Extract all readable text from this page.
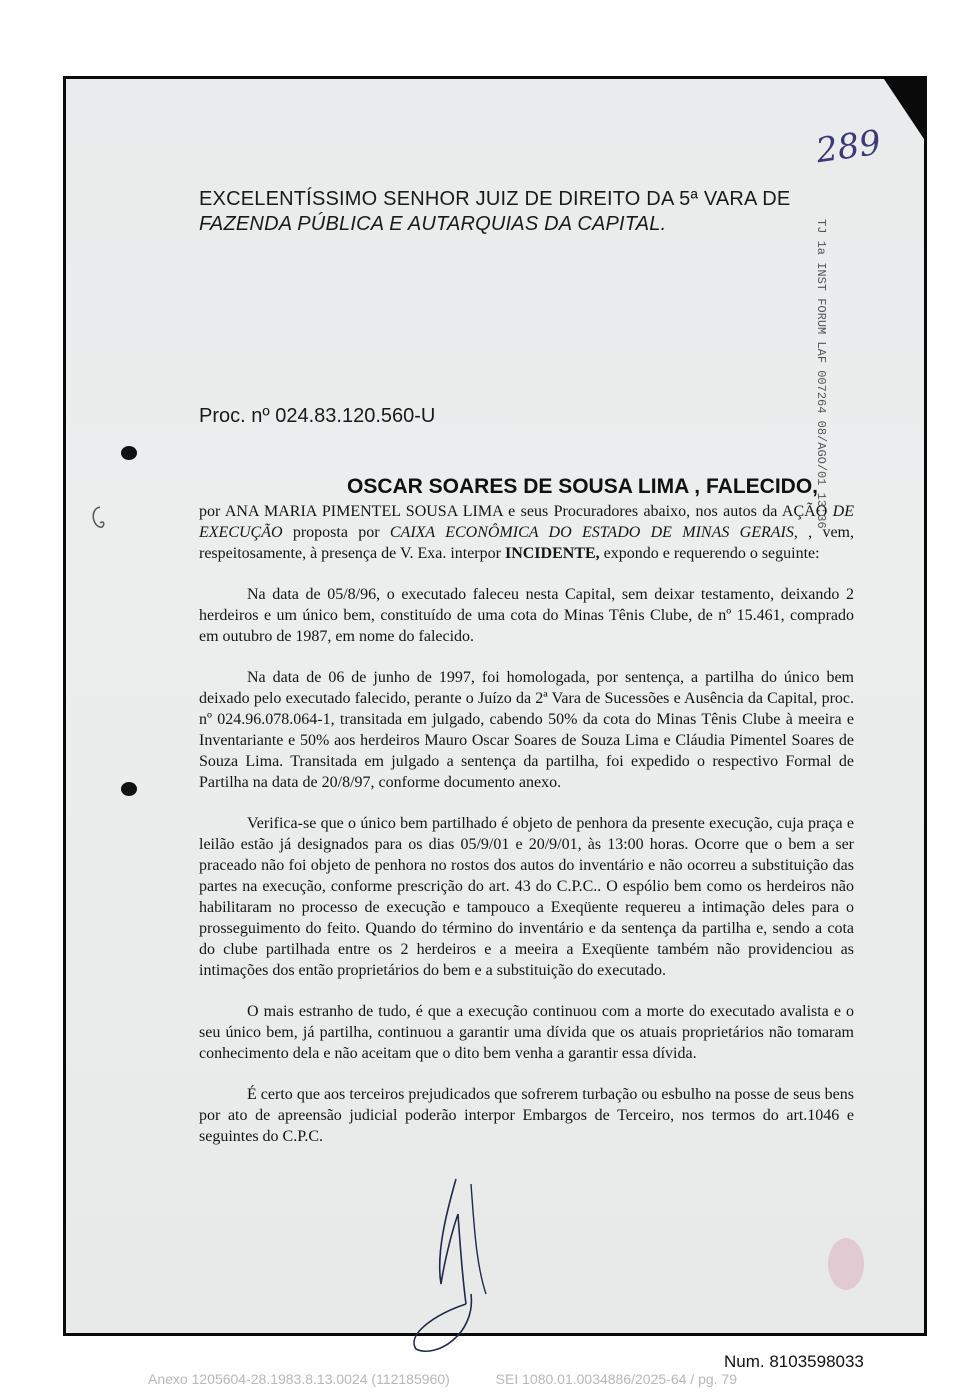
289
TJ 1a INST FORUM LAF 007264 08/AGO/01 13:36
EXCELENTÍSSIMO SENHOR JUIZ DE DIREITO DA 5ª VARA DE
FAZENDA PÚBLICA E AUTARQUIAS DA CAPITAL.
Proc. nº 024.83.120.560-U
OSCAR SOARES DE SOUSA LIMA , FALECIDO,

por ANA MARIA PIMENTEL SOUSA LIMA e seus Procuradores abaixo, nos autos da AÇÃO DE EXECUÇÃO proposta por CAIXA ECONÔMICA DO ESTADO DE MINAS GERAIS, , vem, respeitosamente, à presença de V. Exa. interpor INCIDENTE, expondo e requerendo o seguinte:

Na data de 05/8/96, o executado faleceu nesta Capital, sem deixar testamento, deixando 2 herdeiros e um único bem, constituído de uma cota do Minas Tênis Clube, de nº 15.461, comprado em outubro de 1987, em nome do falecido.

Na data de 06 de junho de 1997, foi homologada, por sentença, a partilha do único bem deixado pelo executado falecido, perante o Juízo da 2ª Vara de Sucessões e Ausência da Capital, proc. nº 024.96.078.064-1, transitada em julgado, cabendo 50% da cota do Minas Tênis Clube à meeira e Inventariante e 50% aos herdeiros Mauro Oscar Soares de Souza Lima e Cláudia Pimentel Soares de Souza Lima. Transitada em julgado a sentença da partilha, foi expedido o respectivo Formal de Partilha na data de 20/8/97, conforme documento anexo.

Verifica-se que o único bem partilhado é objeto de penhora da presente execução, cuja praça e leilão estão já designados para os dias 05/9/01 e 20/9/01, às 13:00 horas. Ocorre que o bem a ser praceado não foi objeto de penhora no rostos dos autos do inventário e não ocorreu a substituição das partes na execução, conforme prescrição do art. 43 do C.P.C.. O espólio bem como os herdeiros não habilitaram no processo de execução e tampouco a Exeqüente requereu a intimação deles para o prosseguimento do feito. Quando do término do inventário e da sentença da partilha e, sendo a cota do clube partilhada entre os 2 herdeiros e a meeira a Exeqüente também não providenciou as intimações dos então proprietários do bem e a substituição do executado.

O mais estranho de tudo, é que a execução continuou com a morte do executado avalista e o seu único bem, já partilha, continuou a garantir uma dívida que os atuais proprietários não tomaram conhecimento dela e não aceitam que o dito bem venha a garantir essa dívida.

É certo que aos terceiros prejudicados que sofrerem turbação ou esbulho na posse de seus bens por ato de apreensão judicial poderão interpor Embargos de Terceiro, nos termos do art.1046 e seguintes do C.P.C.

Num. 8103598033
Anexo 1205604-28.1983.8.13.0024 (112185960)	SEI 1080.01.0034886/2025-64 / pg. 79
